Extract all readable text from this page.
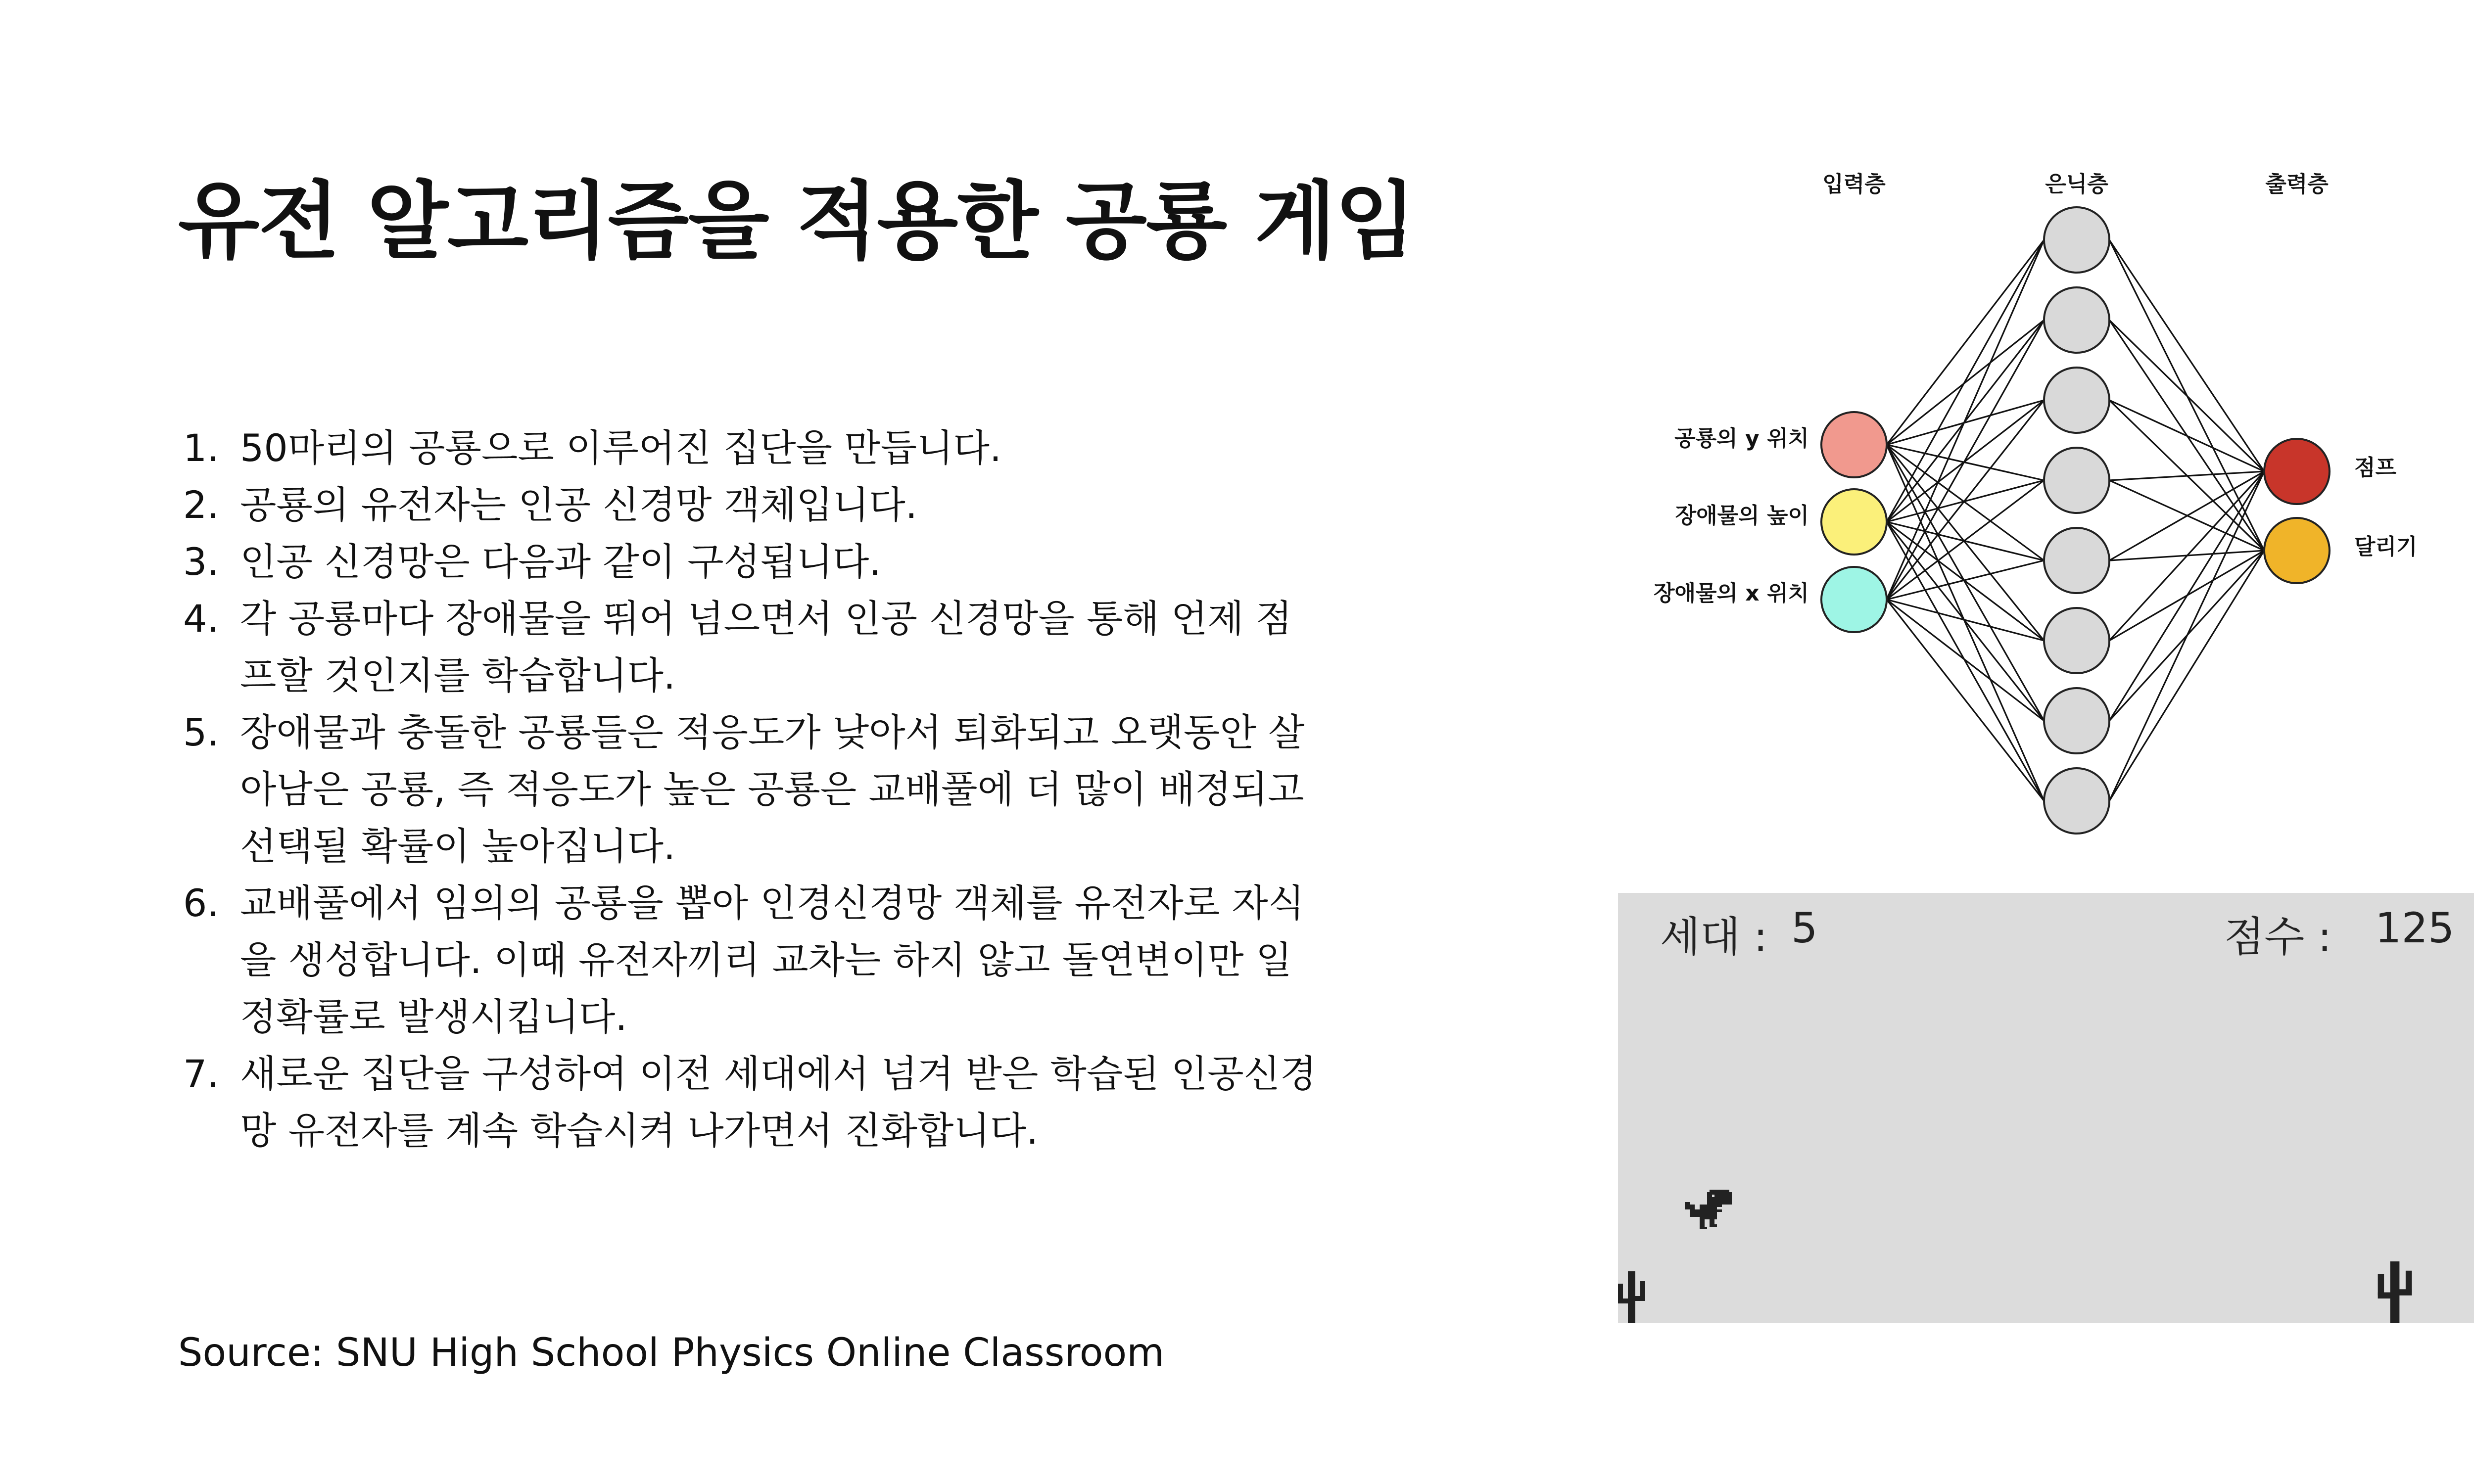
유전 알고리즘을 적용한 공룡 게임
1. 50마리의 공룡으로 이루어진 집단을 만듭니다.
2. 공룡의 유전자는 인공 신경망 객체입니다.
3. 인공 신경망은 다음과 같이 구성됩니다.
4. 각 공룡마다 장애물을 뛰어 넘으면서 인공 신경망을 통해 언제 점프할 것인지를 학습합니다.
5. 장애물과 충돌한 공룡들은 적응도가 낮아서 퇴화되고 오랫동안 살아남은 공룡, 즉 적응도가 높은 공룡은 교배풀에 더 많이 배정되고 선택될 확률이 높아집니다.
6. 교배풀에서 임의의 공룡을 뽑아 인경신경망 객체를 유전자로 자식을 생성합니다. 이때 유전자끼리 교차는 하지 않고 돌연변이만 일정확률로 발생시킵니다.
7. 새로운 집단을 구성하여 이전 세대에서 넘겨 받은 학습된 인공신경망 유전자를 계속 학습시켜 나가면서 진화합니다.
Source: SNU High School Physics Online Classroom
공룡의 y 위치
장애물의 높이
장애물의 x 위치
점프
달리기
입력층	은닉층	출력층
세대 : 5	점수 : 125
